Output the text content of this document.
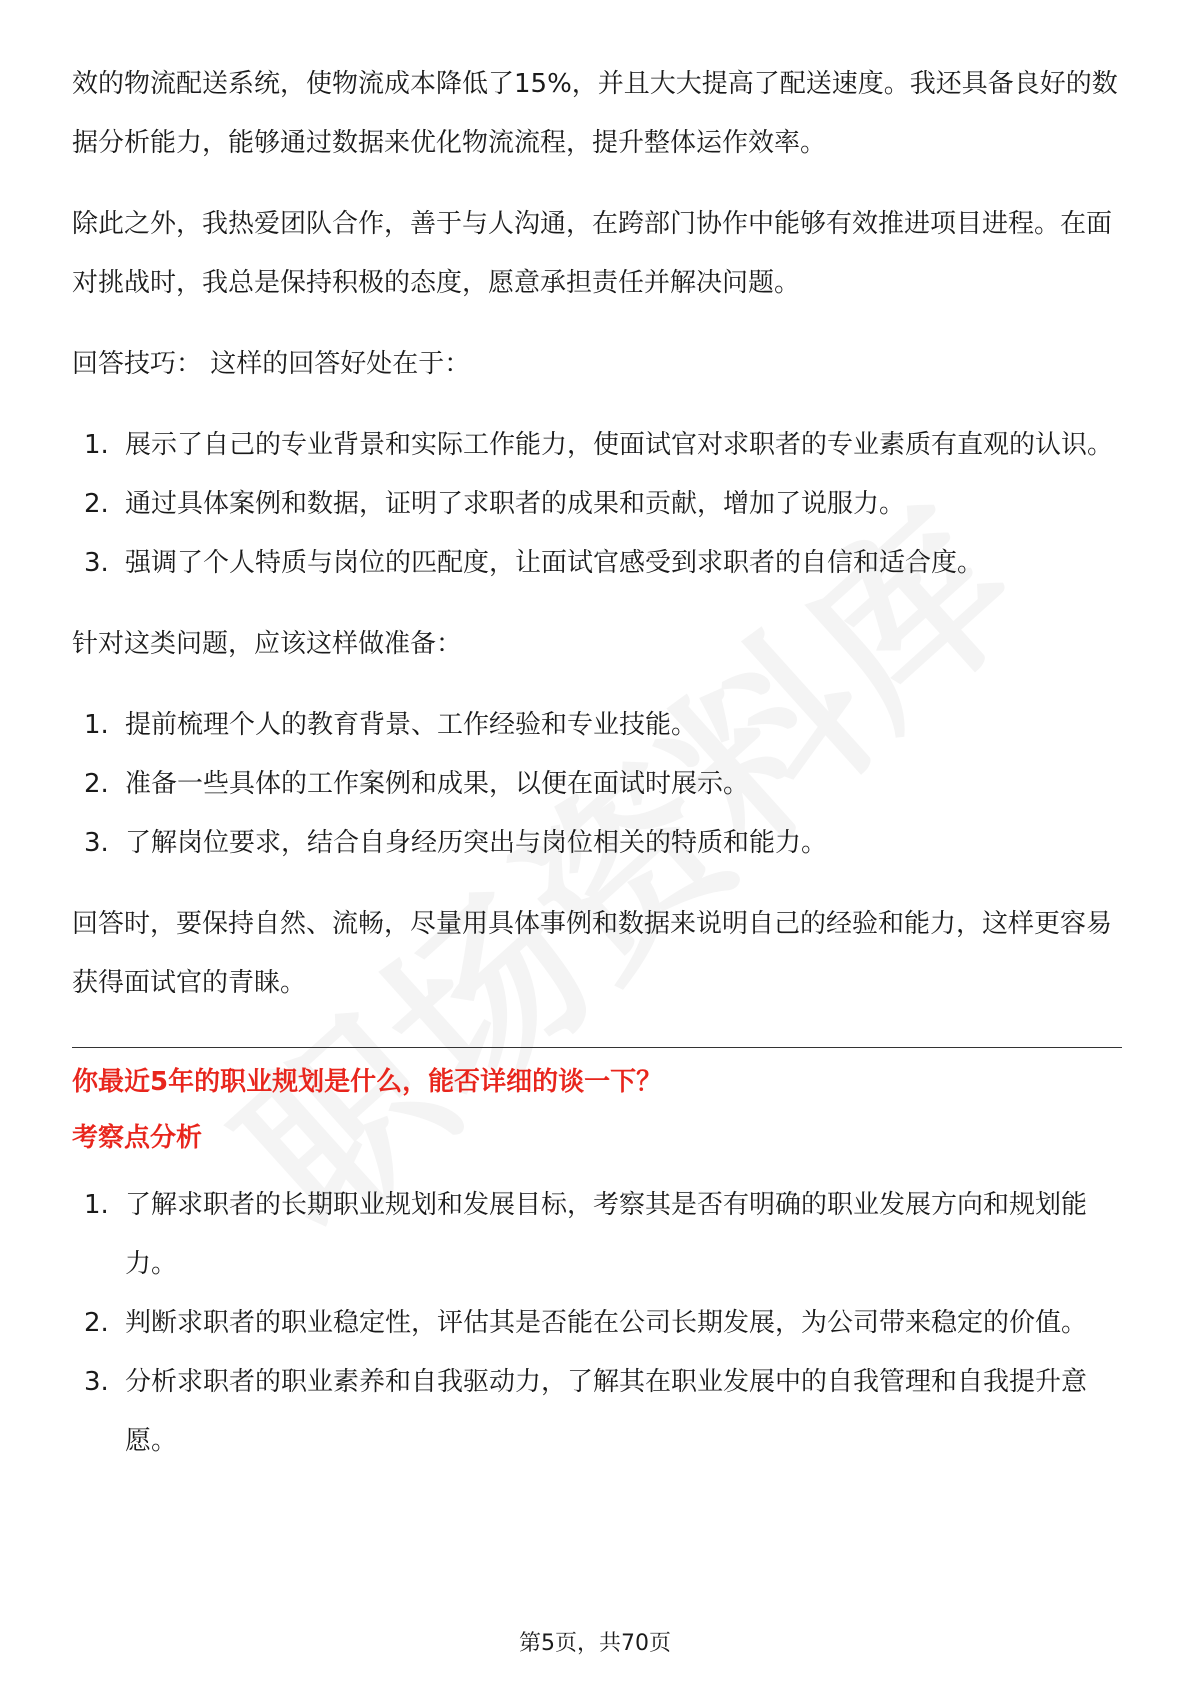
效的物流配送系统，使物流成本降低了15%，并且大大提高了配送速度。我还具备良好的数据分析能力，能够通过数据来优化物流流程，提升整体运作效率。

除此之外，我热爱团队合作，善于与人沟通，在跨部门协作中能够有效推进项目进程。在面对挑战时，我总是保持积极的态度，愿意承担责任并解决问题。

回答技巧： 这样的回答好处在于：

1. 展示了自己的专业背景和实际工作能力，使面试官对求职者的专业素质有直观的认识。
2. 通过具体案例和数据，证明了求职者的成果和贡献，增加了说服力。
3. 强调了个人特质与岗位的匹配度，让面试官感受到求职者的自信和适合度。

针对这类问题，应该这样做准备：

1. 提前梳理个人的教育背景、工作经验和专业技能。
2. 准备一些具体的工作案例和成果，以便在面试时展示。
3. 了解岗位要求，结合自身经历突出与岗位相关的特质和能力。

回答时，要保持自然、流畅，尽量用具体事例和数据来说明自己的经验和能力，这样更容易获得面试官的青睐。

你最近5年的职业规划是什么，能否详细的谈一下？
考察点分析
1. 了解求职者的长期职业规划和发展目标，考察其是否有明确的职业发展方向和规划能力。
2. 判断求职者的职业稳定性，评估其是否能在公司长期发展，为公司带来稳定的价值。
3. 分析求职者的职业素养和自我驱动力，了解其在职业发展中的自我管理和自我提升意愿。
第5页，共70页
